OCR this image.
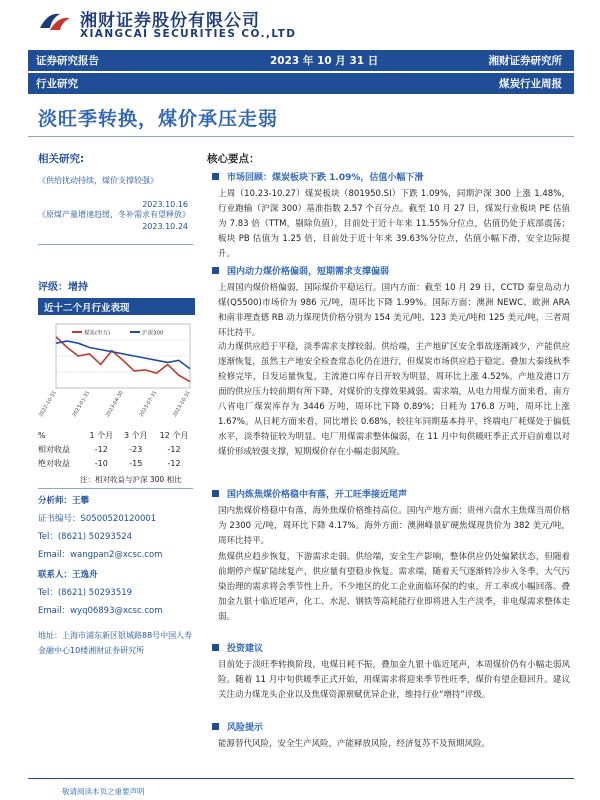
湘财证券股份有限公司
XIANGCAI SECURITIES CO.,LTD
证券研究报告	2023 年 10 月 31 日	湘财证券研究所
行业研究	煤炭行业周报
淡旺季转换，煤价承压走弱
相关研究:
《供给扰动持续，煤价支撑较强》
2023.10.16
《原煤产量增速趋缓，冬补需求有望释放》
2023.10.24
评级：增持
近十二个月行业表现
煤炭(申万)	沪深300
2022-10-31	2023-01-31	2023-04-30	2023-07-31	2023-10-31
%	1 个月	3 个月	12 个月
相对收益	-12	-23	-12
绝对收益	-10	-15	-12
注：相对收益与沪深 300 相比
分析师：王攀
证书编号：S0500520120001
Tel：(8621) 50293524
Email：wangpan2@xcsc.com
联系人：王逸舟
Tel：(8621) 50293519
Email：wyq06893@xcsc.com
地址：上海市浦东新区银城路88号中国人寿金融中心10楼湘财证券研究所
核心要点：
市场回顾：煤炭板块下跌 1.09%，估值小幅下滑
上周（10.23-10.27）煤炭板块（801950.SI）下跌 1.09%，同期沪深 300 上涨 1.48%，行业跑输（沪深 300）基准指数 2.57 个百分点。截至 10 月 27 日，煤炭行业板块 PE 估值为 7.83 倍（TTM，剔除负值），目前处于近十年来 11.55%分位点，估值仍处于底部震荡；板块 PB 估值为 1.25 倍，目前处于近十年来 39.63%分位点，估值小幅下滑，安全边际提升。
国内动力煤价格偏弱，短期需求支撑偏弱
上周国内煤价格偏弱，国际煤价平稳运行。国内方面：截至 10 月 29 日，CCTD 秦皇岛动力煤(Q5500)市场价为 986 元/吨，周环比下降 1.99%。国际方面：澳洲 NEWC、欧洲 ARA 和南非理查德 RB 动力煤现货价格分别为 154 美元/吨、123 美元/吨和 125 美元/吨，三者周环比持平。
动力煤供应趋于平稳，淡季需求支撑较弱。供给端，主产地矿区安全事故逐渐减少，产能供应逐渐恢复，虽然主产地安全检查常态化仍在进行，但煤炭市场供应趋于稳定。叠加大秦线秋季检修完毕，日发运量恢复，主流港口库存日开较为明显，周环比上涨 4.52%。产地及港口方面的供应压力较前期有所下降，对煤价的支撑效果减弱。需求端，从电力用煤方面来看，南方八省电厂煤炭库存为 3446 万吨，周环比下降 0.89%；日耗为 176.8 万吨，周环比上涨 1.67%。从日耗方面来看，同比增长 0.68%，较往年同期基本持平，终端电厂耗煤处于偏低水平，淡季特征较为明显。电厂用煤需求整体偏弱，在 11 月中旬供暖旺季正式开启前难以对煤价形成较强支撑，短期煤价存在小幅走弱风险。
国内炼焦煤价格稳中有落，开工旺季接近尾声
国内焦煤价格稳中有落，海外焦煤价格维持高位。国内产地方面：贵州六盘水主焦煤当周价格为 2300 元/吨，周环比下降 4.17%。海外方面：澳洲峰景矿硬焦煤现货价为 382 美元/吨，周环比持平。
焦煤供应趋步恢复，下游需求走弱。供给端，安全生产影响，整体供应仍处偏紧状态，但随着前期停产煤矿陆续复产，供应量有望稳步恢复。需求端，随着天气逐渐转冷步入冬季，大气污染治理的需求将会季节性上升，不少地区的化工企业面临环保的约束，开工率或小幅回落。叠加金九银十临近尾声，化工、水泥、钢铁等高耗能行业即将进入生产淡季，非电煤需求整体走弱。
投资建议
目前处于淡旺季转换阶段，电煤日耗不振，叠加金九银十临近尾声，本周煤价仍有小幅走弱风险。随着 11 月中旬供暖季正式开始，用煤需求将迎来季节性旺季，煤价有望企稳回升。建议关注动力煤龙头企业以及焦煤资源禀赋优异企业，维持行业“增持”评级。
风险提示
能源替代风险，安全生产风险，产能释放风险，经济复苏不及预期风险。
敬请阅读本页之重要声明
